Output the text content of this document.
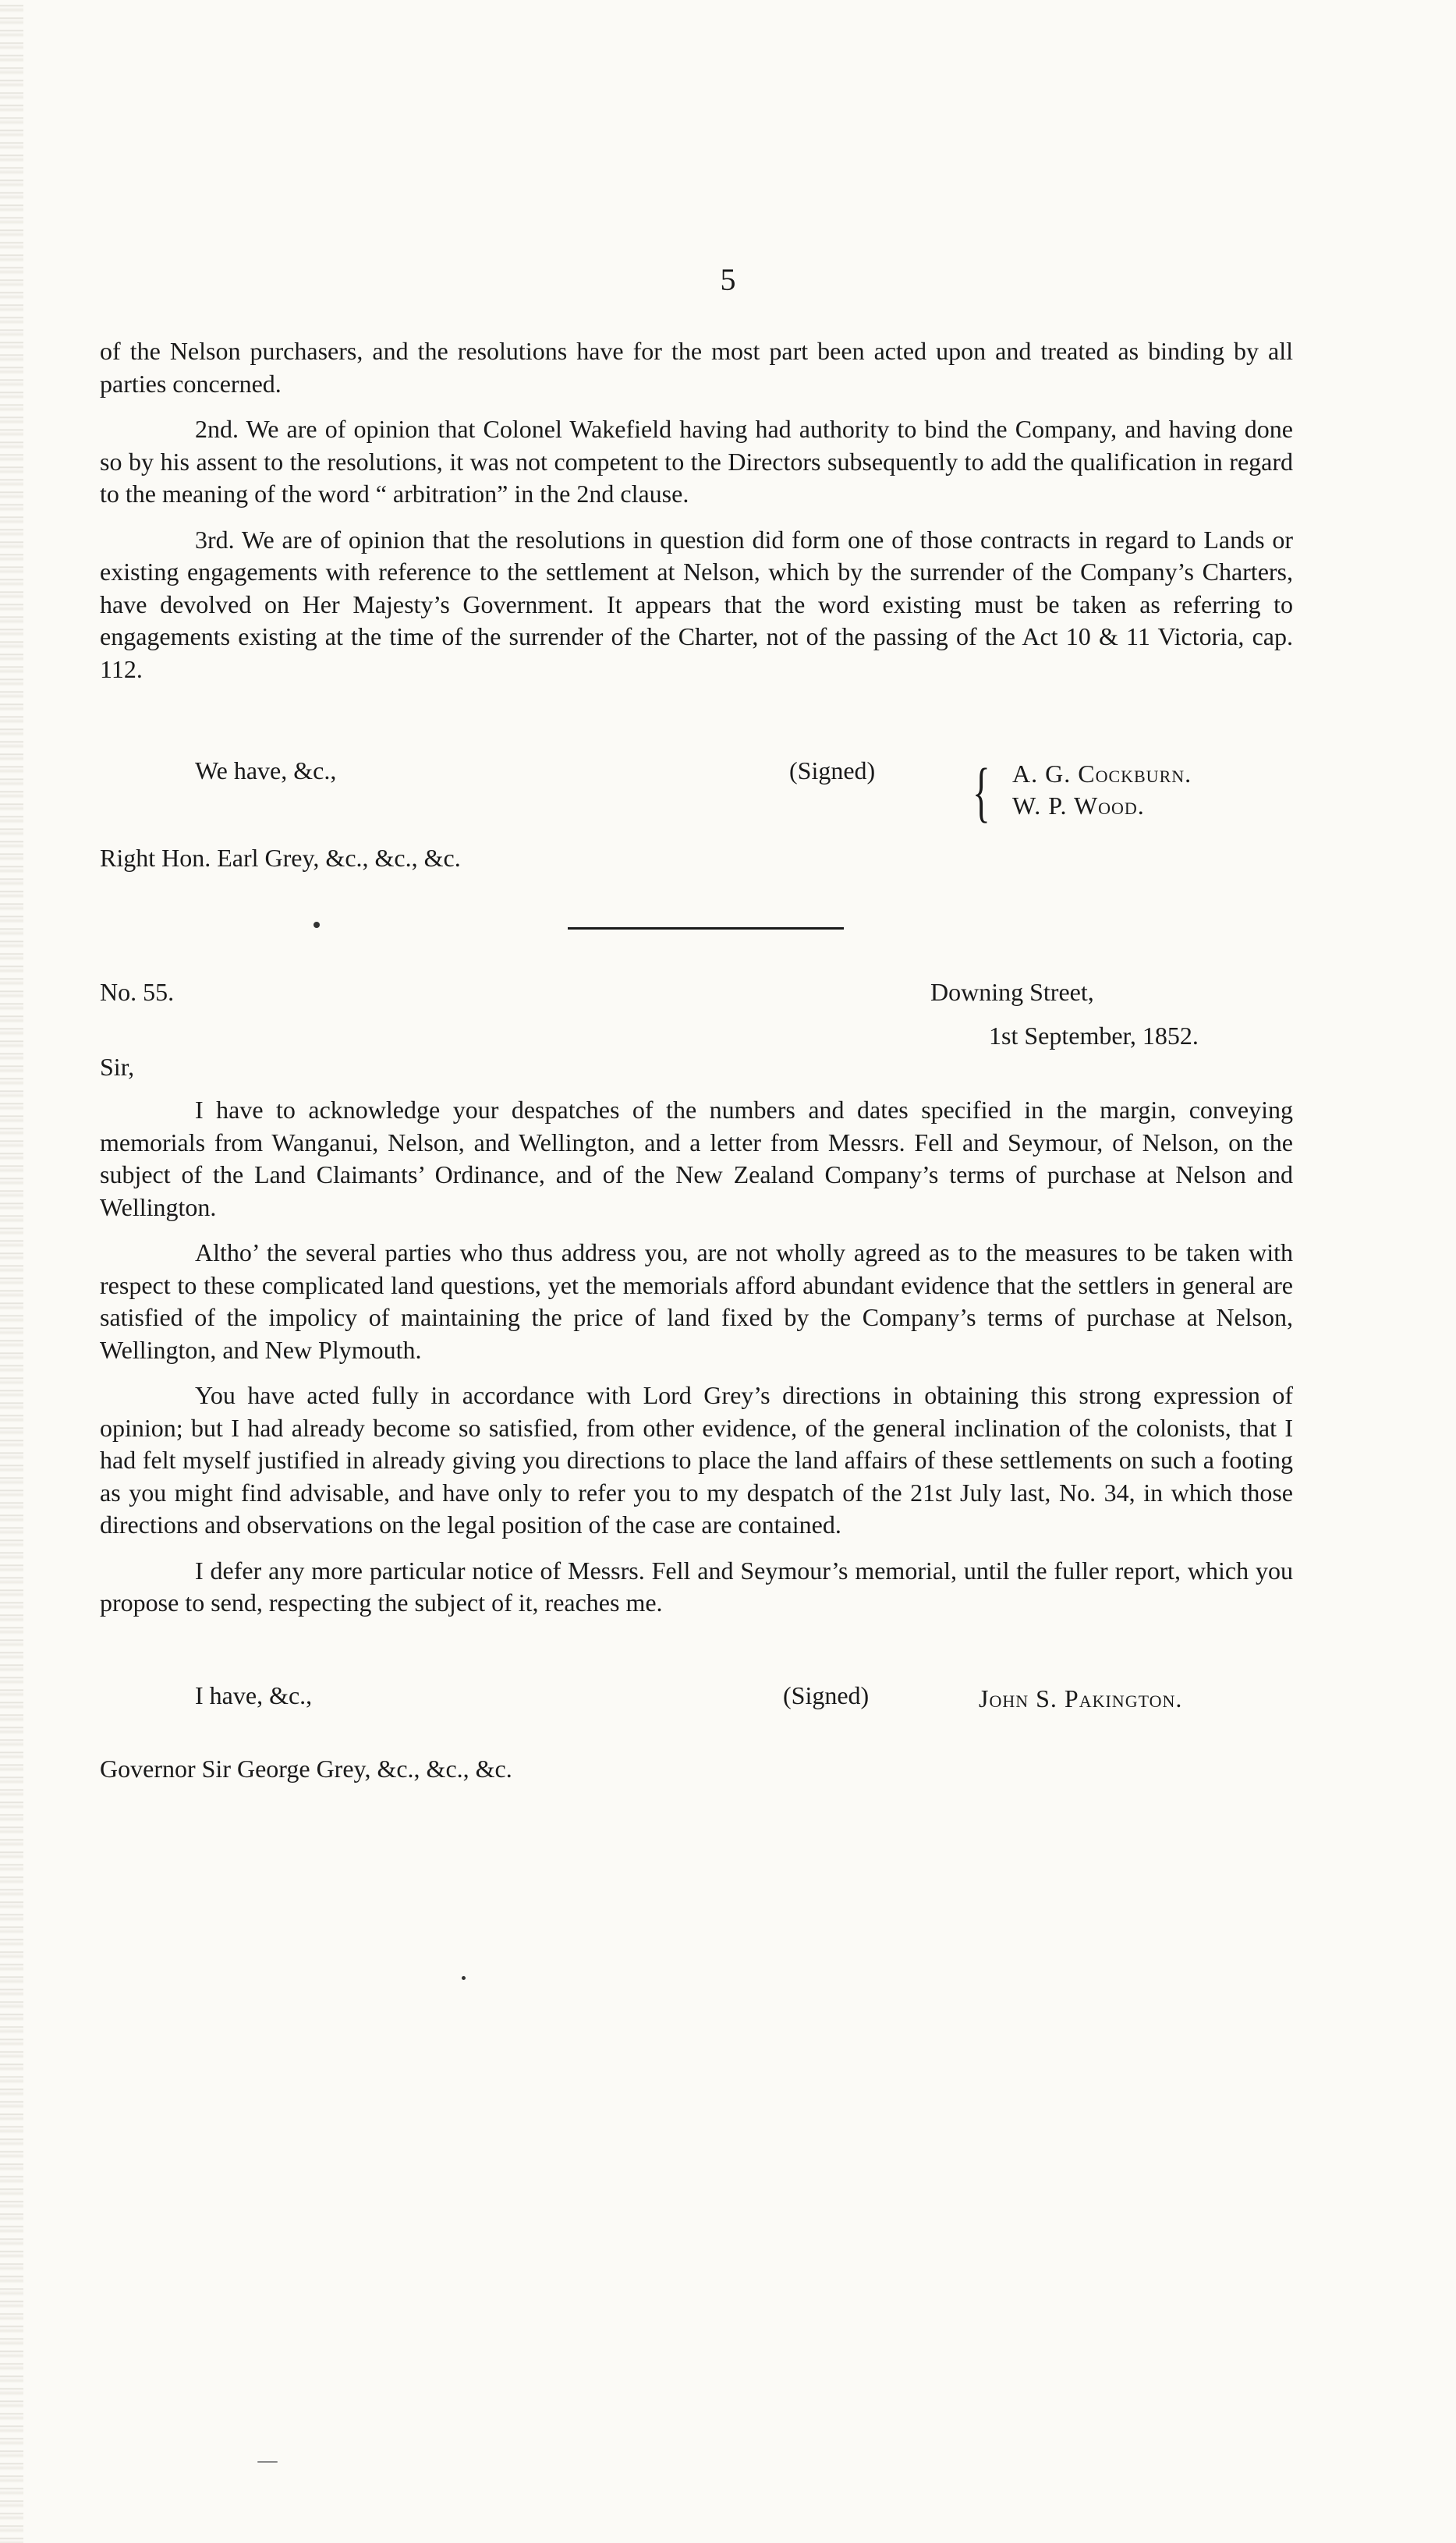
5

of the Nelson purchasers, and the resolutions have for the most part been acted upon and treated as binding by all parties concerned.

2nd. We are of opinion that Colonel Wakefield having had authority to bind the Company, and having done so by his assent to the resolutions, it was not competent to the Directors subsequently to add the qualification in regard to the meaning of the word “ arbitration” in the 2nd clause.

3rd. We are of opinion that the resolutions in question did form one of those contracts in regard to Lands or existing engagements with reference to the settlement at Nelson, which by the surrender of the Company’s Charters, have devolved on Her Majesty’s Government. It appears that the word existing must be taken as referring to engagements existing at the time of the surrender of the Charter, not of the passing of the Act 10 & 11 Victoria, cap. 112.

We have, &c.,	(Signed) { A. G. Cockburn.
W. P. Wood.
Right Hon. Earl Grey, &c., &c., &c.
No. 55.	Downing Street,
1st September, 1852.
Sir,

I have to acknowledge your despatches of the numbers and dates specified in the margin, conveying memorials from Wanganui, Nelson, and Wellington, and a letter from Messrs. Fell and Seymour, of Nelson, on the subject of the Land Claimants’ Ordinance, and of the New Zealand Company’s terms of purchase at Nelson and Wellington.

Altho’ the several parties who thus address you, are not wholly agreed as to the measures to be taken with respect to these complicated land questions, yet the memorials afford abundant evidence that the settlers in general are satisfied of the impolicy of maintaining the price of land fixed by the Company’s terms of purchase at Nelson, Wellington, and New Plymouth.

You have acted fully in accordance with Lord Grey’s directions in obtaining this strong expression of opinion; but I had already become so satisfied, from other evidence, of the general inclination of the colonists, that I had felt myself justified in already giving you directions to place the land affairs of these settlements on such a footing as you might find advisable, and have only to refer you to my despatch of the 21st July last, No. 34, in which those directions and observations on the legal position of the case are contained.

I defer any more particular notice of Messrs. Fell and Seymour’s memorial, until the fuller report, which you propose to send, respecting the subject of it, reaches me.

I have, &c.,	(Signed)	John S. Pakington.
Governor Sir George Grey, &c., &c., &c.
